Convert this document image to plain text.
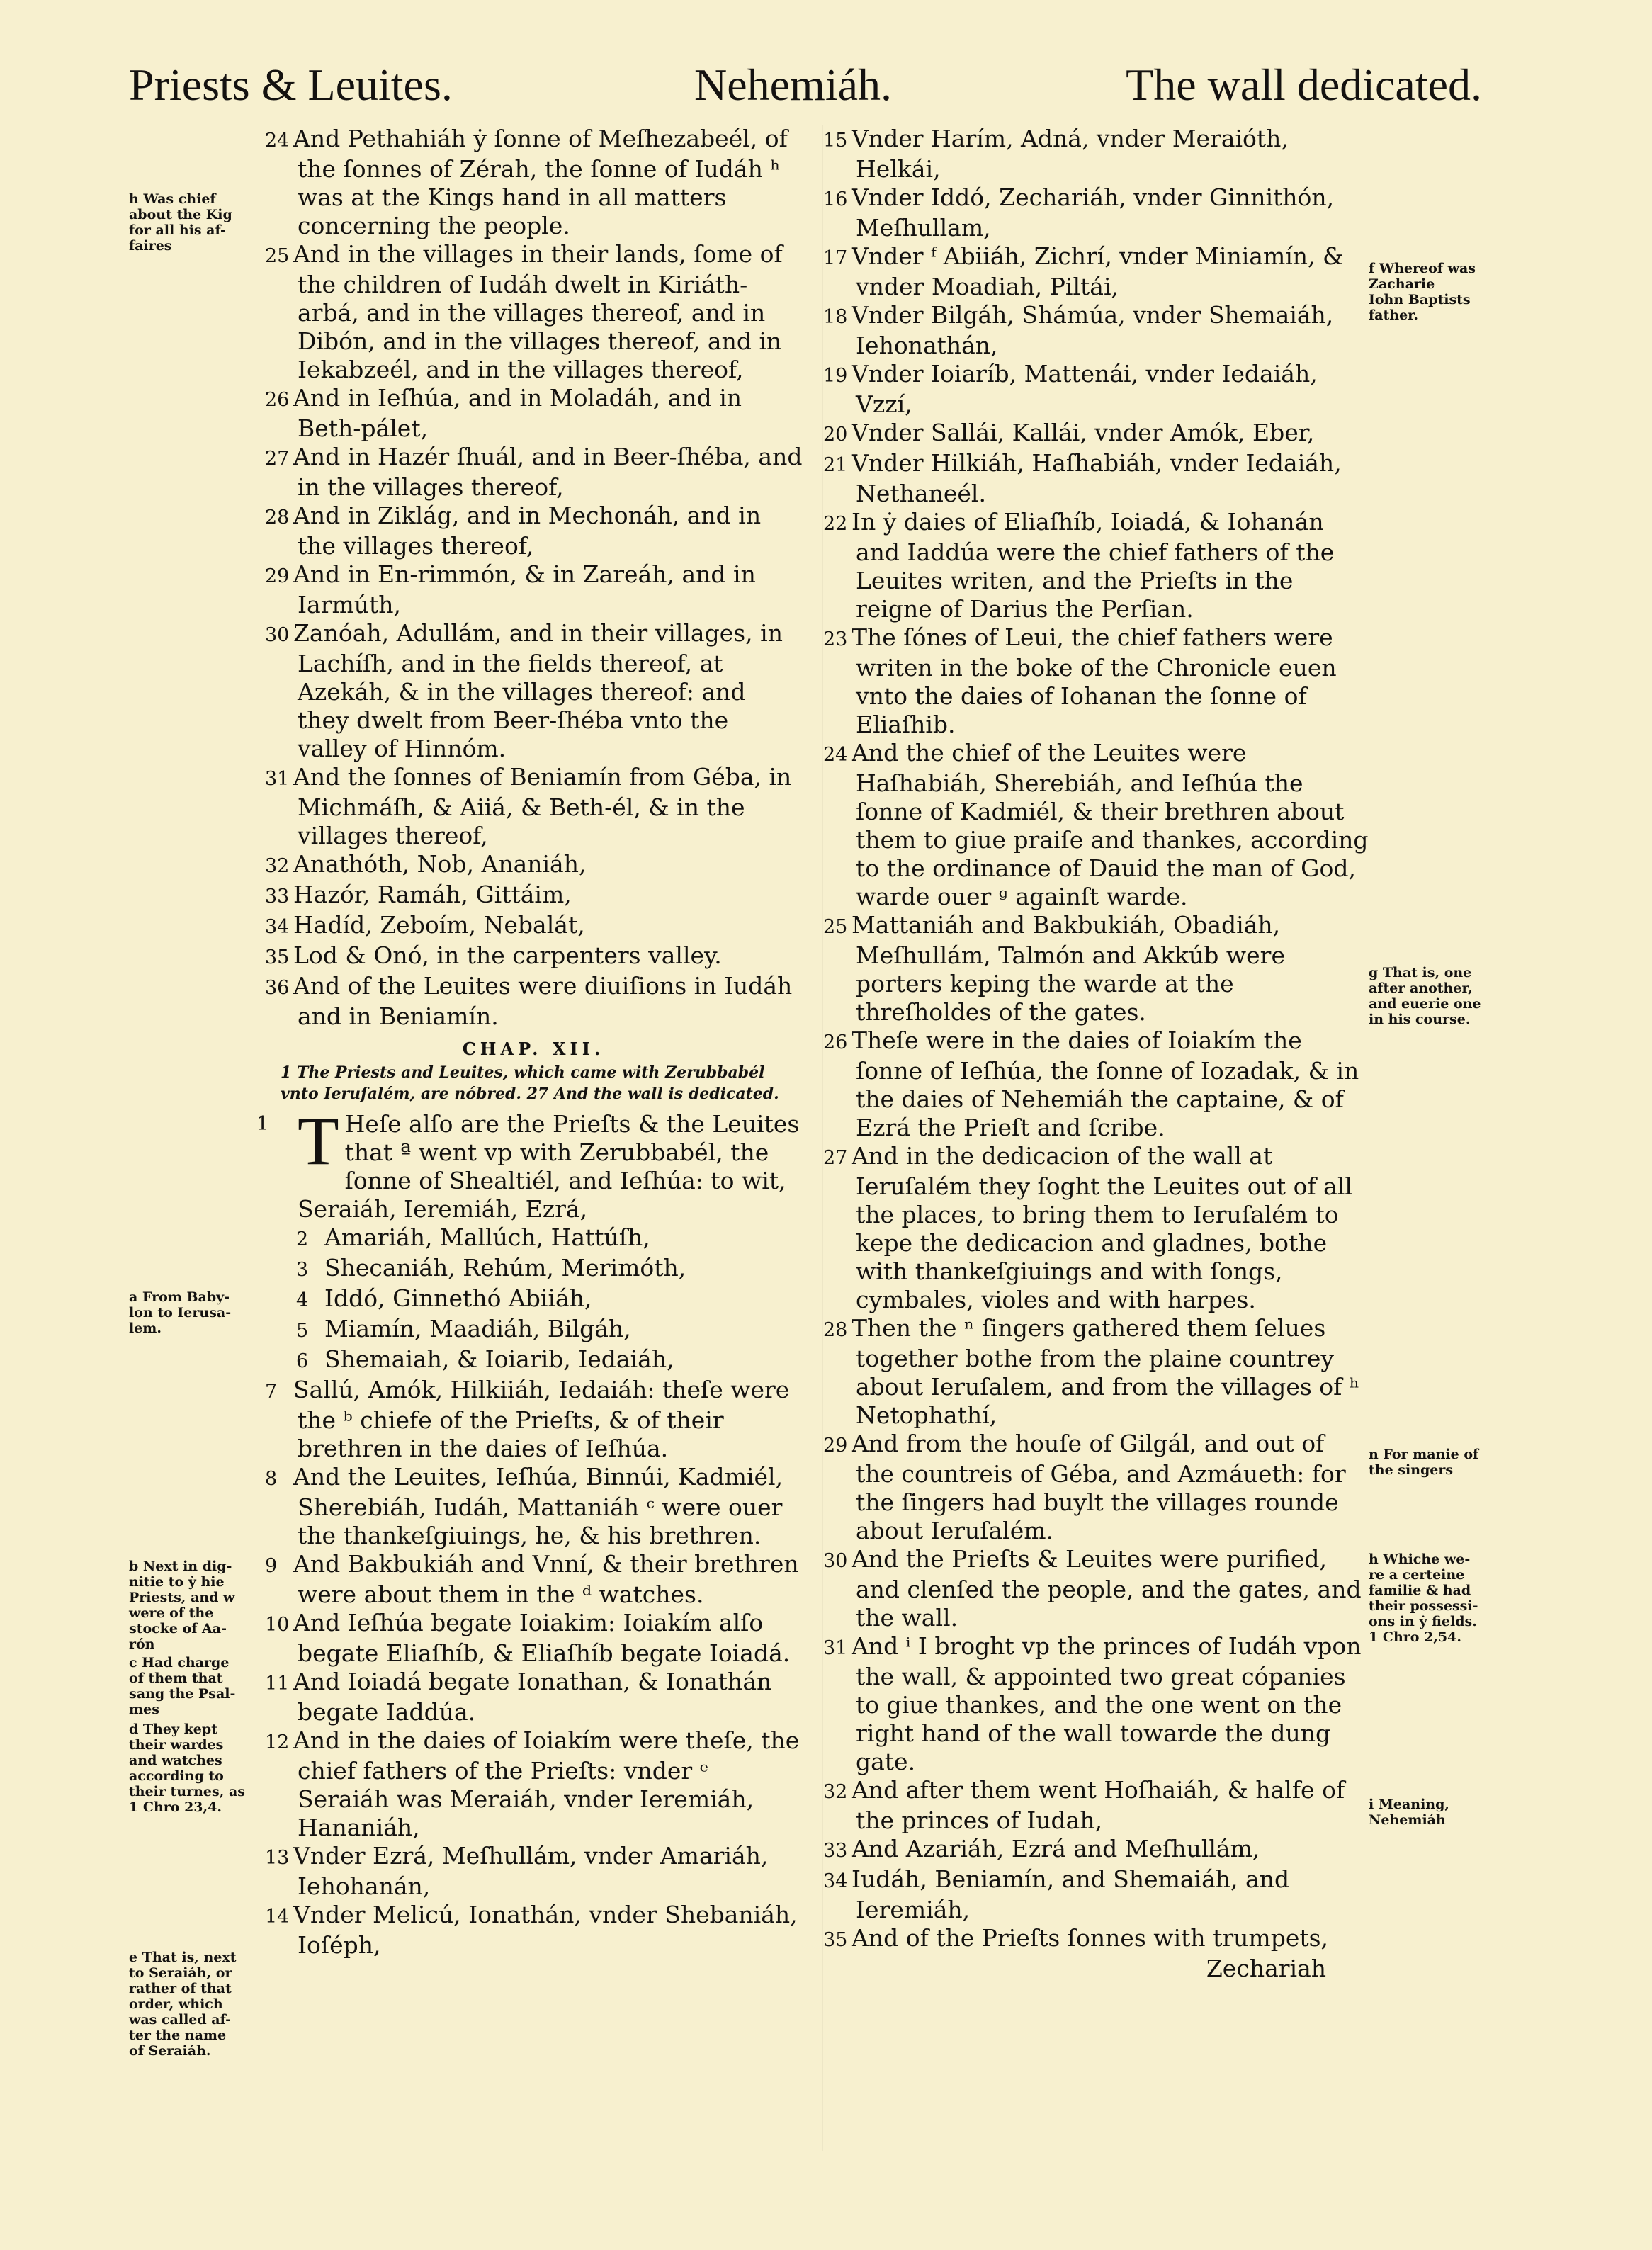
Priests & Leuites.	Nehemiáh.	The wall dedicated.

24 And Pethahiáh ẏ ſonne of Meſhezabeél, of the ſonnes of Zérah, the ſonne of Iudáh ʰ was at the Kings hand in all matters concerning the people.

25 And in the villages in their lands, ſome of the children of Iudáh dwelt in Kiriáth-arbá, and in the villages thereof, and in Dibón, and in the villages thereof, and in Iekabzeél, and in the villages thereof,

26 And in Ieſhúa, and in Moladáh, and in Beth-pálet,

27 And in Hazér ſhuál, and in Beer-ſhéba, and in the villages thereof,

28 And in Ziklág, and in Mechonáh, and in the villages thereof,

29 And in En-rimmón, & in Zareáh, and in Iarmúth,

30 Zanóah, Adullám, and in their villages, in Lachíſh, and in the fields thereof, at Azekáh, & in the villages thereof: and they dwelt from Beer-ſhéba vnto the valley of Hinnóm.

31 And the ſonnes of Beniamín from Géba, in Michmáſh, & Aiiá, & Beth-él, & in the villages thereof,

32 Anathóth, Nob, Ananiáh,

33 Hazór, Ramáh, Gittáim,

34 Hadíd, Zeboím, Nebalát,

35 Lod & Onó, in the carpenters valley.

36 And of the Leuites were diuiſions in Iudáh and in Beniamín.

CHAP. XII.
1 The Priests and Leuites, which came with Zerubbabél vnto Ieruſalém, are nóbred. 27 And the wall is dedicated.
1 T Heſe alſo are the Prieſts & the Leuites that ª went vp with Zerubbabél, the ſonne of Shealtiél, and Ieſhúa: to wit, Seraiáh, Ieremiáh, Ezrá,

2 Amariáh, Mallúch, Hattúſh,

3 Shecaniáh, Rehúm, Merimóth,

4 Iddó, Ginnethó Abiiáh,

5 Miamín, Maadiáh, Bilgáh,

6 Shemaiah, & Ioiarib, Iedaiáh,

7 Sallú, Amók, Hilkiiáh, Iedaiáh: theſe were the ᵇ chiefe of the Prieſts, & of their brethren in the daies of Ieſhúa.

8 And the Leuites, Ieſhúa, Binnúi, Kadmiél, Sherebiáh, Iudáh, Mattaniáh ᶜ were ouer the thankeſgiuings, he, & his brethren.

9 And Bakbukiáh and Vnní, & their brethren were about them in the ᵈ watches.

10 And Ieſhúa begate Ioiakim: Ioiakím alſo begate Eliaſhíb, & Eliaſhíb begate Ioiadá.

11 And Ioiadá begate Ionathan, & Ionathán begate Iaddúa.

12 And in the daies of Ioiakím were theſe, the chief fathers of the Prieſts: vnder ᵉ Seraiáh was Meraiáh, vnder Ieremiáh, Hananiáh,

13 Vnder Ezrá, Meſhullám, vnder Amariáh, Iehohanán,

14 Vnder Melicú, Ionathán, vnder Shebaniáh, Ioſéph,

15 Vnder Harím, Adná, vnder Meraióth, Helkái,

16 Vnder Iddó, Zechariáh, vnder Ginnithón, Meſhullam,

17 Vnder ᶠ Abiiáh, Zichrí, vnder Miniamín, & vnder Moadiah, Piltái,

18 Vnder Bilgáh, Shámúa, vnder Shemaiáh, Iehonathán,

19 Vnder Ioiaríb, Mattenái, vnder Iedaiáh, Vzzí,

20 Vnder Sallái, Kallái, vnder Amók, Eber,

21 Vnder Hilkiáh, Haſhabiáh, vnder Iedaiáh, Nethaneél.

22 In ẏ daies of Eliaſhíb, Ioiadá, & Iohanán and Iaddúa were the chief fathers of the Leuites writen, and the Prieſts in the reigne of Darius the Perſian.

23 The ſónes of Leui, the chief fathers were writen in the boke of the Chronicle euen vnto the daies of Iohanan the ſonne of Eliaſhib.

24 And the chief of the Leuites were Haſhabiáh, Sherebiáh, and Ieſhúa the ſonne of Kadmiél, & their brethren about them to giue praiſe and thankes, according to the ordinance of Dauid the man of God, warde ouer ᵍ againſt warde.

25 Mattaniáh and Bakbukiáh, Obadiáh, Meſhullám, Talmón and Akkúb were porters keping the warde at the threſholdes of the gates.

26 Theſe were in the daies of Ioiakím the ſonne of Ieſhúa, the ſonne of Iozadak, & in the daies of Nehemiáh the captaine, & of Ezrá the Prieſt and ſcribe.

27 And in the dedicacion of the wall at Ieruſalém they ſoght the Leuites out of all the places, to bring them to Ieruſalém to kepe the dedicacion and gladnes, bothe with thankeſgiuings and with ſongs, cymbales, violes and with harpes.

28 Then the ⁿ ſingers gathered them ſelues together bothe from the plaine countrey about Ieruſalem, and from the villages of ʰ Netophathí,

29 And from the houſe of Gilgál, and out of the countreis of Géba, and Azmáueth: for the ſingers had buylt the villages rounde about Ieruſalém.

30 And the Prieſts & Leuites were purified, and clenſed the people, and the gates, and the wall.

31 And ⁱ I broght vp the princes of Iudáh vpon the wall, & appointed two great cópanies to giue thankes, and the one went on the right hand of the wall towarde the dung gate.

32 And after them went Hoſhaiáh, & halfe of the princes of Iudah,

33 And Azariáh, Ezrá and Meſhullám,

34 Iudáh, Beniamín, and Shemaiáh, and Ieremiáh,

35 And of the Prieſts ſonnes with trumpets,

Zechariah
h Was chief
about the Kig
for all his af-
faires
a From Baby-
lon to Ierusa-
lem.
b Next in dig-
nitie to ẏ hie
Priests, and w
were of the
stocke of Aa-
rón
c Had charge
of them that
sang the Psal-
mes
d They kept
their wardes
and watches
according to
their turnes, as
1 Chro 23,4.
e That is, next
to Seraiáh, or
rather of that
order, which
was called af-
ter the name
of Seraiáh.
f Whereof was
Zacharie
Iohn Baptists
father.
g That is, one
after another,
and euerie one
in his course.
n For manie of
the singers
h Whiche we-
re a certeine
familie & had
their possessi-
ons in ẏ fields.
1 Chro 2,54.
i Meaning,
Nehemiáh
